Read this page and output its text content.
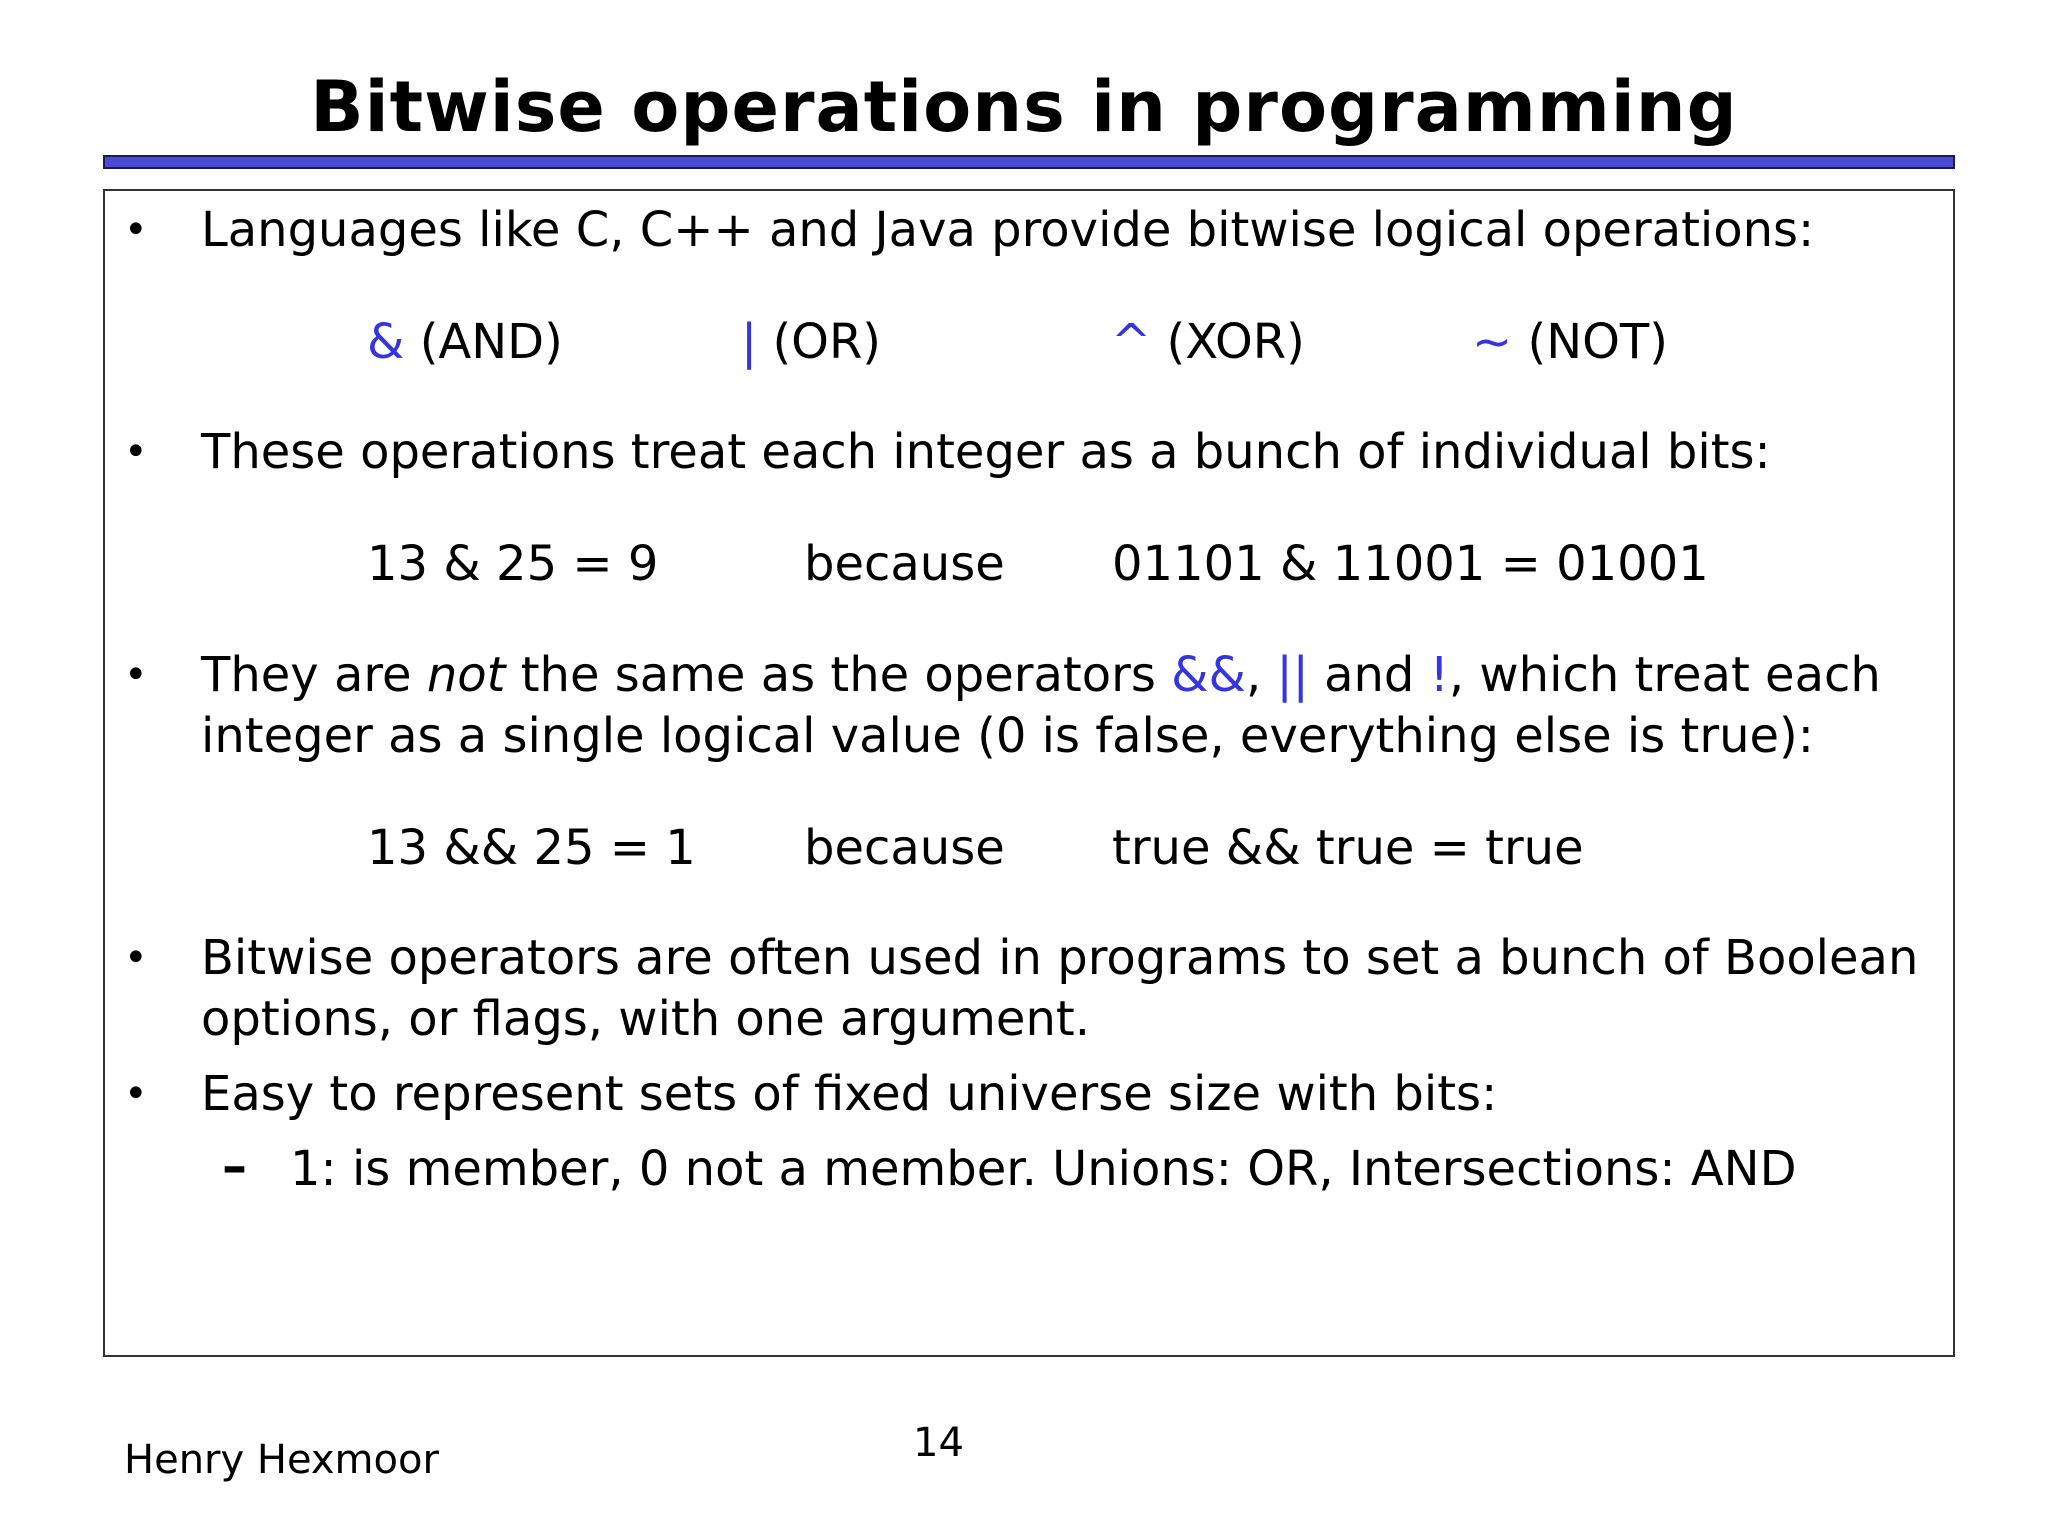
Bitwise operations in programming
• Languages like C, C++ and Java provide bitwise logical operations:
& (AND)	| (OR)	^ (XOR)	~ (NOT)
• These operations treat each integer as a bunch of individual bits:
13 & 25 = 9	because 01101 & 11001 = 01001
• They are not the same as the operators &&, || and !, which treat each
integer as a single logical value (0 is false, everything else is true):
13 && 25 = 1 because true && true = true
• Bitwise operators are often used in programs to set a bunch of Boolean
options, or flags, with one argument.
• Easy to represent sets of fixed universe size with bits:
– 1: is member, 0 not a member. Unions: OR, Intersections: AND
Henry Hexmoor	14
